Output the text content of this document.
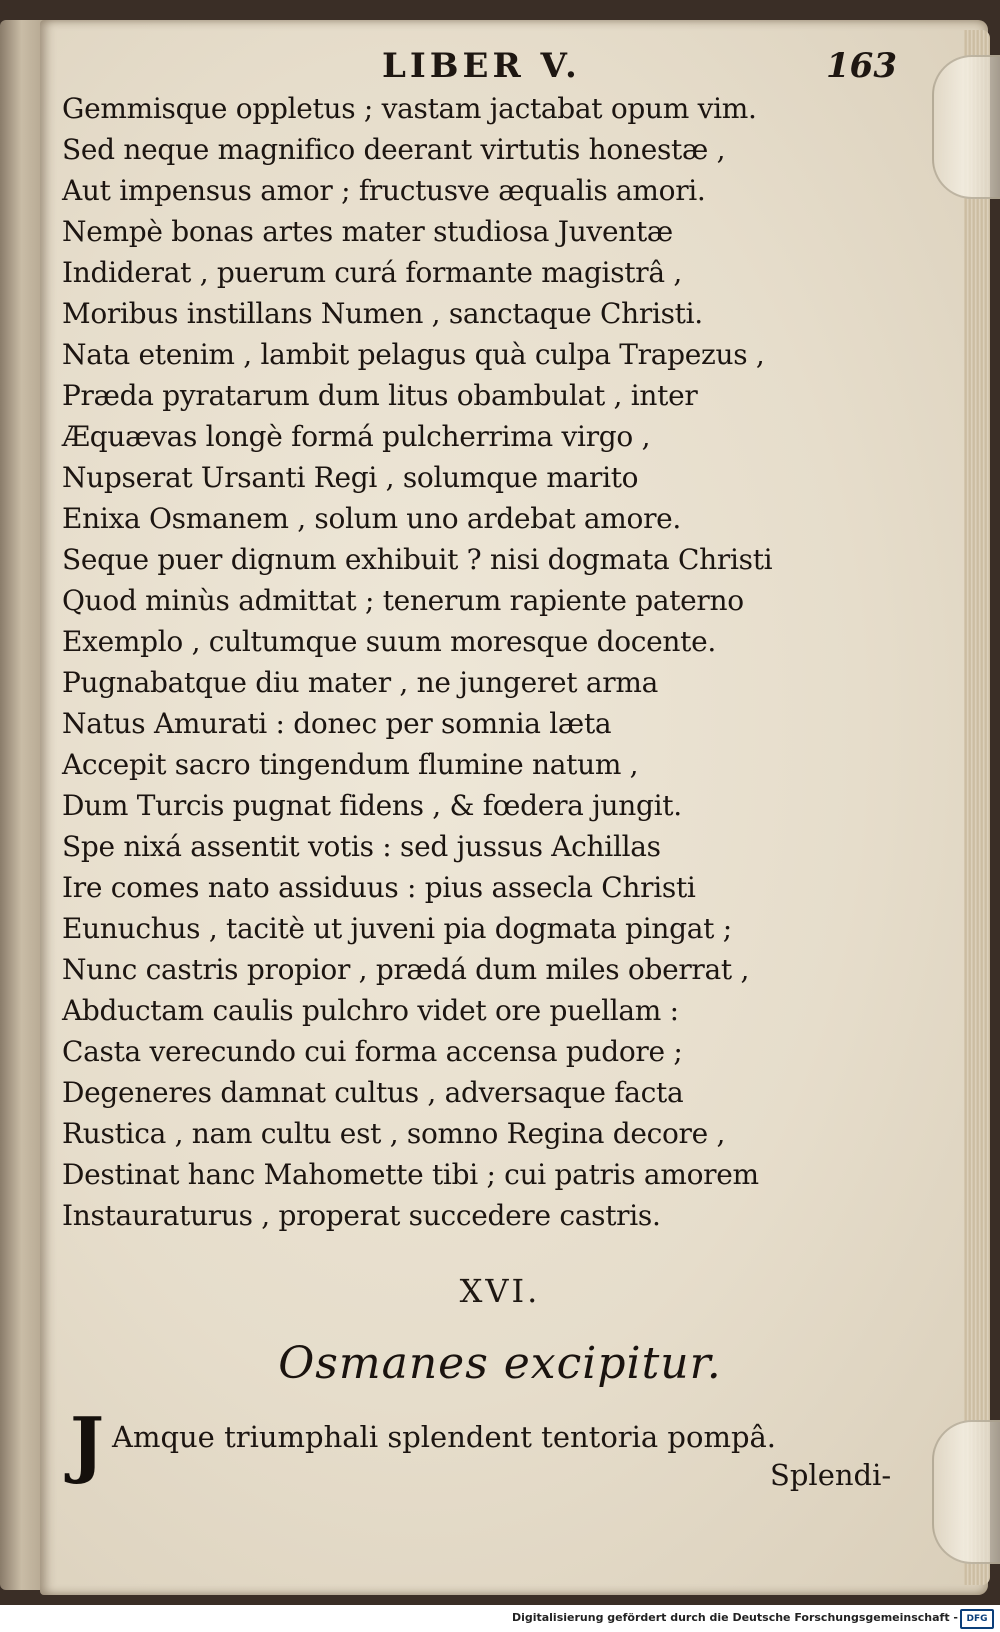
LIBER V.	163
Gemmisque oppletus ; vastam jactabat opum vim.
Sed neque magnifico deerant virtutis honestæ ,
Aut impensus amor ; fructusve æqualis amori.
Nempè bonas artes mater studiosa Juventæ
Indiderat , puerum curá formante magistrâ ,
Moribus instillans Numen , sanctaque Christi.
Nata etenim , lambit pelagus quà culpa Trapezus ,
Præda pyratarum dum litus obambulat , inter
Æquævas longè formá pulcherrima virgo ,
Nupserat Ursanti Regi , solumque marito
Enixa Osmanem , solum uno ardebat amore.
Seque puer dignum exhibuit ? nisi dogmata Christi
Quod minùs admittat ; tenerum rapiente paterno
Exemplo , cultumque suum moresque docente.
Pugnabatque diu mater , ne jungeret arma
Natus Amurati : donec per somnia læta
Accepit sacro tingendum flumine natum ,
Dum Turcis pugnat fidens , & fœdera jungit.
Spe nixá assentit votis : sed jussus Achillas
Ire comes nato assiduus : pius asseclа Christi
Eunuchus , tacitè ut juveni pia dogmata pingat ;
Nunc castris propior , prædá dum miles oberrat ,
Abductam caulis pulchro videt ore puellam :
Casta verecundo cui forma accensa pudore ;
Degeneres damnat cultus , adversaque facta
Rustica , nam cultu est , somno Regina decore ,
Destinat hanc Mahomette tibi ; cui patris amorem
Instauraturus , properat succedere castris.
XVI.
Osmanes excipitur.
J Amque triumphali splendent tentoria pompâ.
Splendi-
Digitalisierung gefördert durch die Deutsche Forschungsgemeinschaft - DFG
